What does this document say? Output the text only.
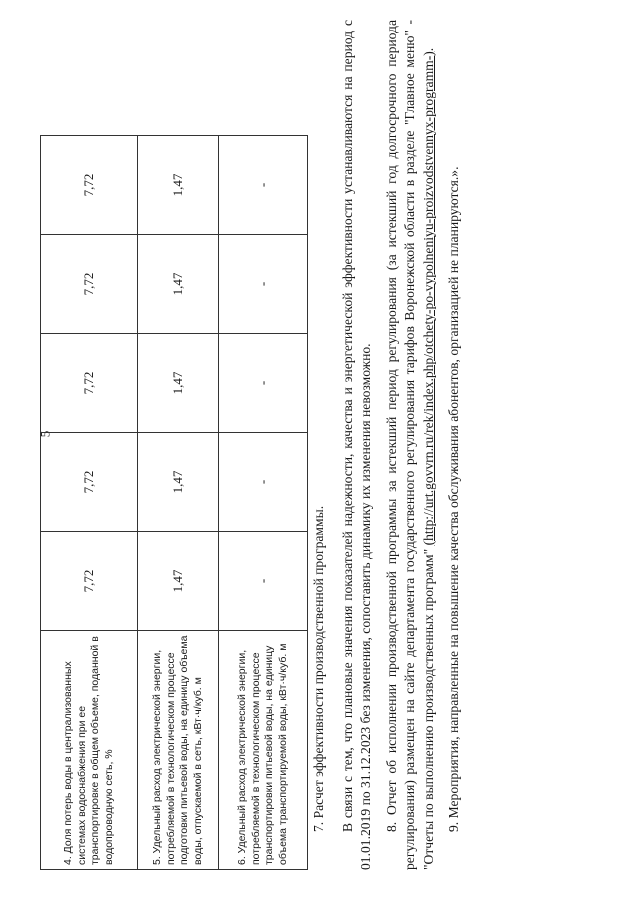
5
4. Доля потерь воды в централизованных системах водоснабжения при ее транспортировке в общем объеме, поданной в водопроводную сеть, %	7,72	7,72	7,72	7,72	7,72
5. Удельный расход электрической энергии, потребляемой в технологическом процессе подготовки питьевой воды, на единицу объема воды, отпускаемой в сеть, кВт·ч/куб. м	1,47	1,47	1,47	1,47	1,47
6. Удельный расход электрической энергии, потребляемой в технологическом процессе транспортировки питьевой воды, на единицу объема транспортируемой воды, кВт·ч/куб. м	-	-	-	-	-

7. Расчет эффективности производственной программы. В связи с тем, что плановые значения показателей надежности, качества и энергетической эффективности устанавливаются на период с 01.01.2019 по 31.12.2023 без изменения, сопоставить динамику их изменения невозможно. 8. Отчет об исполнении производственной программы за истекший период регулирования (за истекший год долгосрочного периода регулирования) размещен на сайте департамента государственного регулирования тарифов Воронежской области в разделе "Главное меню" - "Отчеты по выполнению производственных программ" (http://urt.govvrn.ru/rek/index.php/otchety-po-vypolneniyu-proizvodstvennyx-programm-).

9. Мероприятия, направленные на повышение качества обслуживания абонентов, организацией не планируются.».
